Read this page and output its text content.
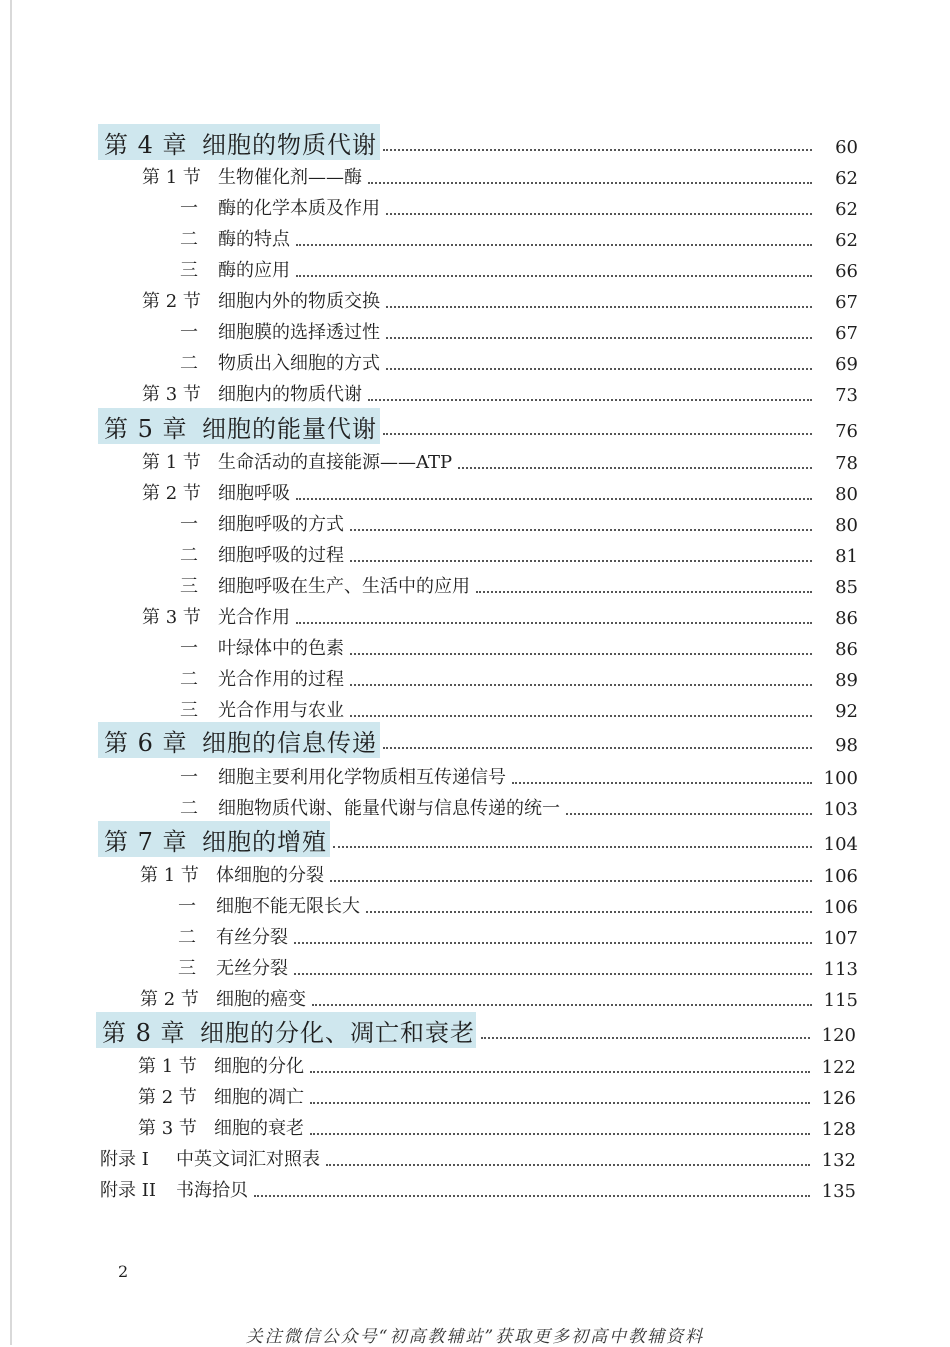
第 4 章 细胞的物质代谢	60
第 1 节 生物催化剂——酶	62
一	酶的化学本质及作用	62
二	酶的特点	62
三	酶的应用	66
第 2 节 细胞内外的物质交换	67
一	细胞膜的选择透过性	67
二	物质出入细胞的方式	69
第 3 节 细胞内的物质代谢	73
第 5 章 细胞的能量代谢	76
第 1 节 生命活动的直接能源——ATP	78
第 2 节 细胞呼吸	80
一	细胞呼吸的方式	80
二	细胞呼吸的过程	81
三	细胞呼吸在生产、生活中的应用	85
第 3 节 光合作用	86
一	叶绿体中的色素	86
二	光合作用的过程	89
三	光合作用与农业	92
第 6 章 细胞的信息传递	98
一	细胞主要利用化学物质相互传递信号	100
二	细胞物质代谢、能量代谢与信息传递的统一	103
第 7 章 细胞的增殖	104
第 1 节 体细胞的分裂	106
一	细胞不能无限长大	106
二	有丝分裂	107
三	无丝分裂	113
第 2 节 细胞的癌变	115
第 8 章 细胞的分化、凋亡和衰老	120
第 1 节 细胞的分化	122
第 2 节 细胞的凋亡	126
第 3 节 细胞的衰老	128
附录 I	中英文词汇对照表	132
附录 II	书海拾贝	135
2
关注微信公众号“初高教辅站”获取更多初高中教辅资料
